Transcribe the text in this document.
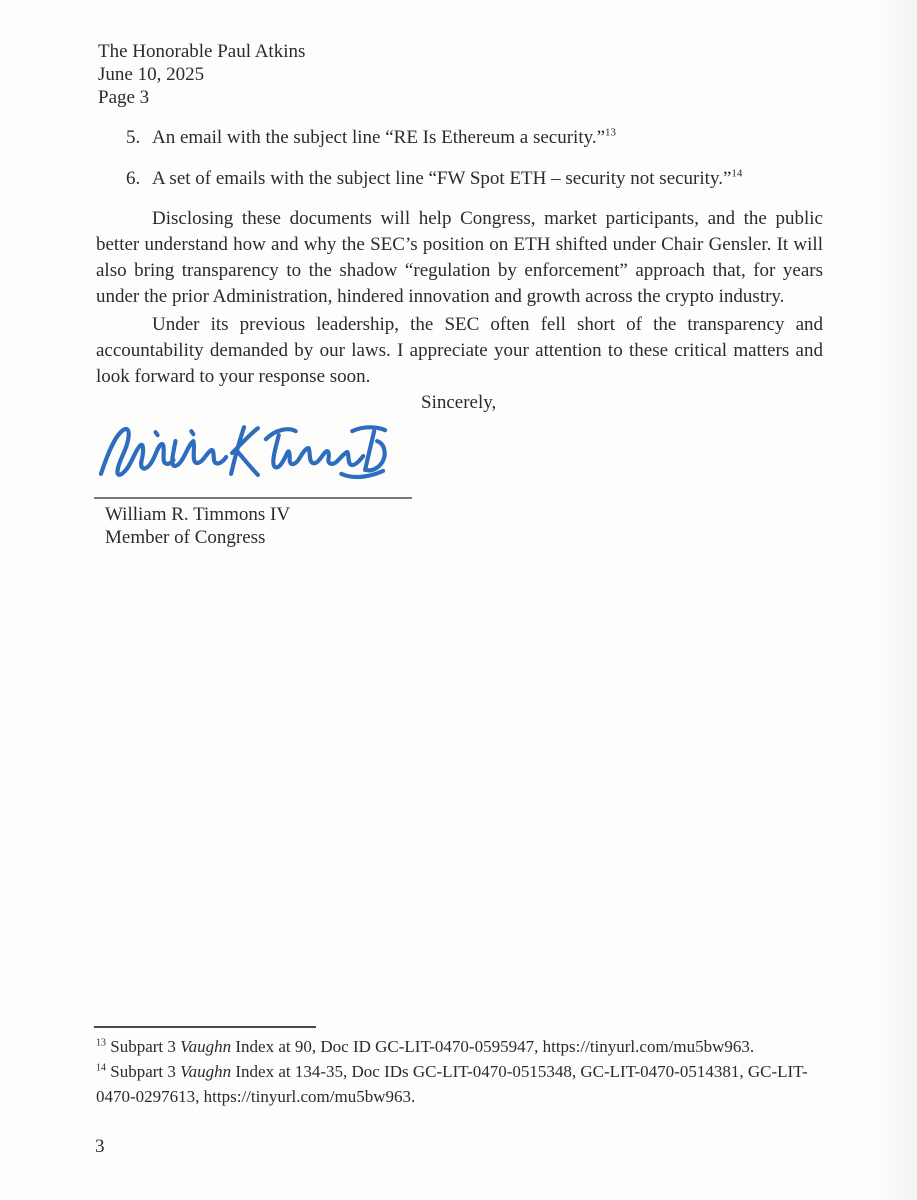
The Honorable Paul Atkins
June 10, 2025
Page 3
5. An email with the subject line “RE Is Ethereum a security.”$^{13}$
6. A set of emails with the subject line “FW Spot ETH – security not security.”$^{14}$
Disclosing these documents will help Congress, market participants, and the public better understand how and why the SEC’s position on ETH shifted under Chair Gensler. It will also bring transparency to the shadow “regulation by enforcement” approach that, for years under the prior Administration, hindered innovation and growth across the crypto industry.
Under its previous leadership, the SEC often fell short of the transparency and accountability demanded by our laws. I appreciate your attention to these critical matters and look forward to your response soon.
Sincerely,
William R. Timmons IV
Member of Congress
$^{13}$ Subpart 3 Vaughn Index at 90, Doc ID GC-LIT-0470-0595947, https://tinyurl.com/mu5bw963.
$^{14}$ Subpart 3 Vaughn Index at 134-35, Doc IDs GC-LIT-0470-0515348, GC-LIT-0470-0514381, GC-LIT-0470-0297613, https://tinyurl.com/mu5bw963.
3
